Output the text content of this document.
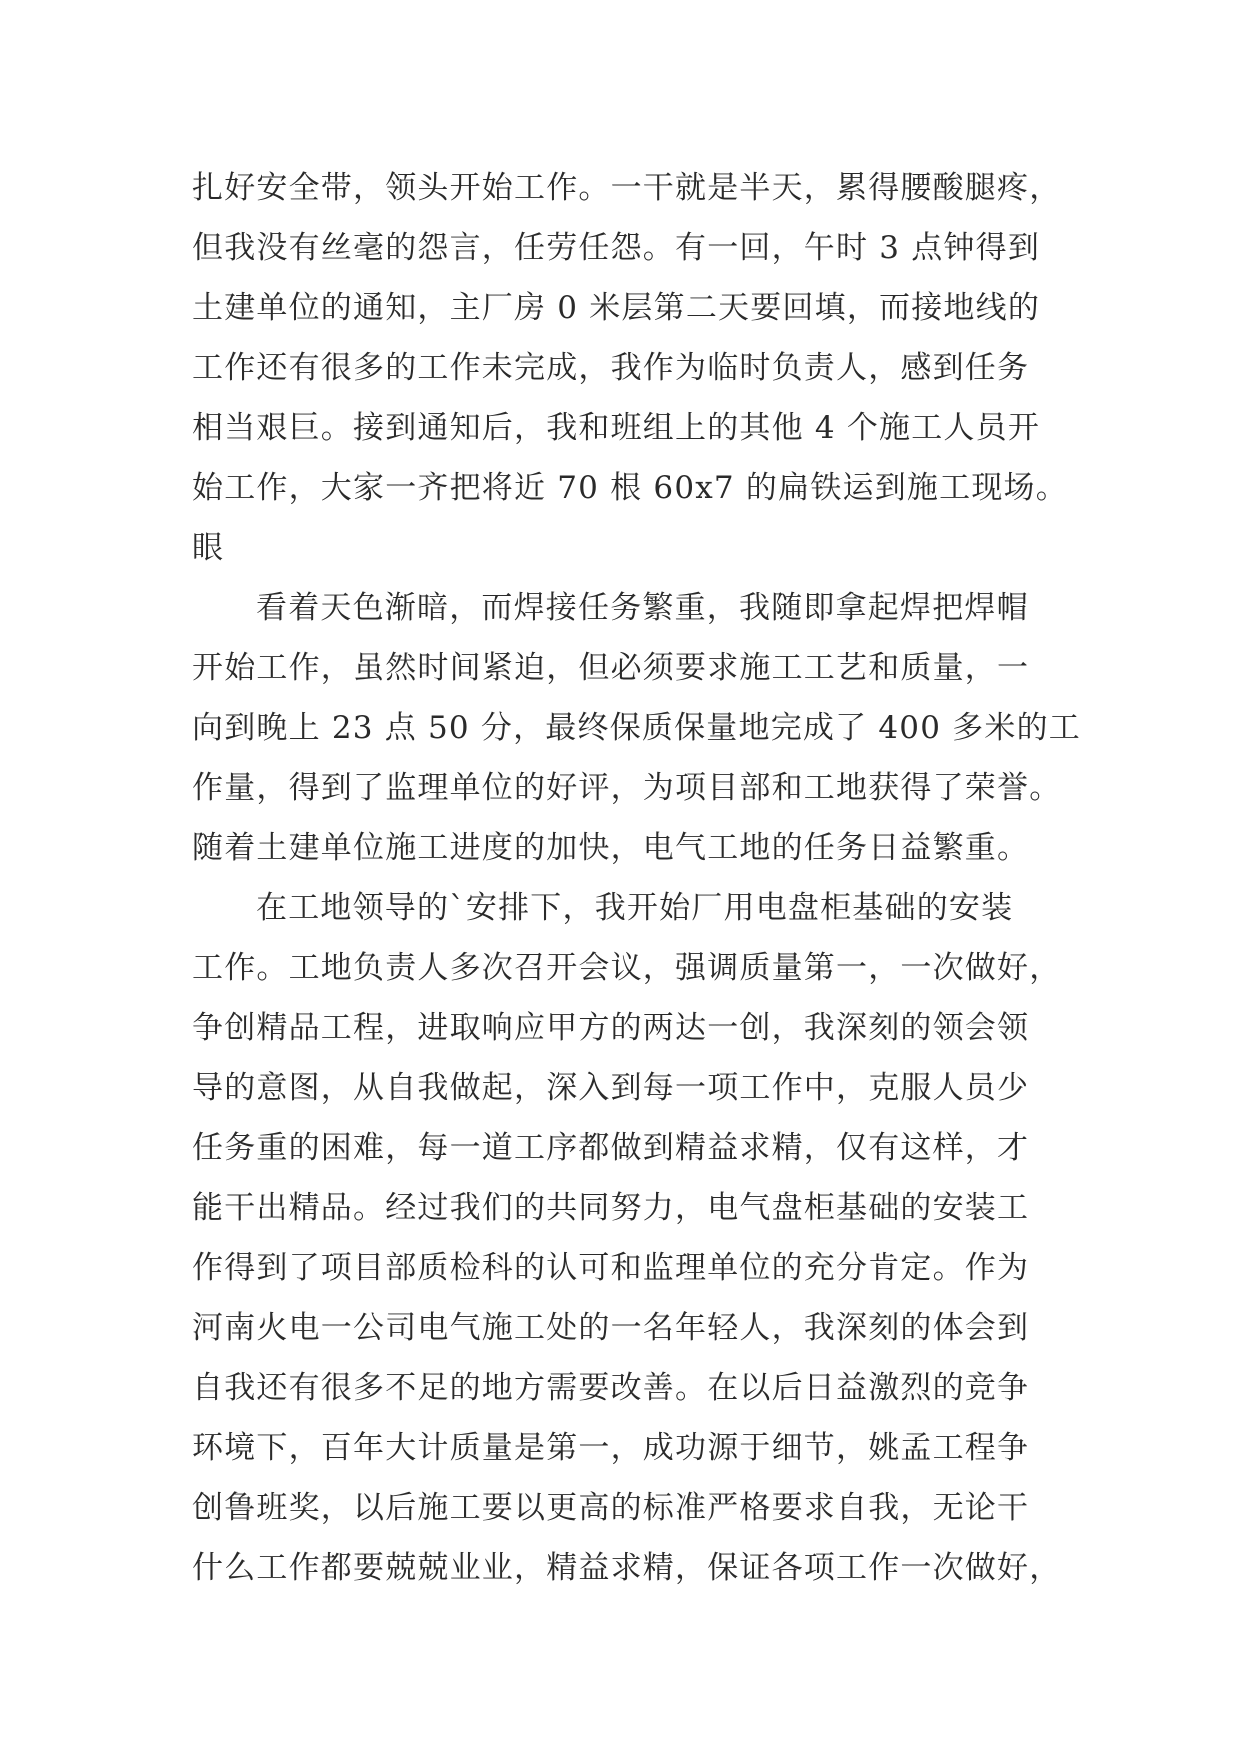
扎好安全带，领头开始工作。一干就是半天，累得腰酸腿疼，
但我没有丝毫的怨言，任劳任怨。有一回，午时 3 点钟得到
土建单位的通知，主厂房 0 米层第二天要回填，而接地线的
工作还有很多的工作未完成，我作为临时负责人，感到任务
相当艰巨。接到通知后，我和班组上的其他 4 个施工人员开
始工作，大家一齐把将近 70 根 60x7 的扁铁运到施工现场。
眼
看着天色渐暗，而焊接任务繁重，我随即拿起焊把焊帽
开始工作，虽然时间紧迫，但必须要求施工工艺和质量，一
向到晚上 23 点 50 分，最终保质保量地完成了 400 多米的工
作量，得到了监理单位的好评，为项目部和工地获得了荣誉。
随着土建单位施工进度的加快，电气工地的任务日益繁重。
在工地领导的`安排下，我开始厂用电盘柜基础的安装
工作。工地负责人多次召开会议，强调质量第一，一次做好，
争创精品工程，进取响应甲方的两达一创，我深刻的领会领
导的意图，从自我做起，深入到每一项工作中，克服人员少
任务重的困难，每一道工序都做到精益求精，仅有这样，才
能干出精品。经过我们的共同努力，电气盘柜基础的安装工
作得到了项目部质检科的认可和监理单位的充分肯定。作为
河南火电一公司电气施工处的一名年轻人，我深刻的体会到
自我还有很多不足的地方需要改善。在以后日益激烈的竞争
环境下，百年大计质量是第一，成功源于细节，姚孟工程争
创鲁班奖，以后施工要以更高的标准严格要求自我，无论干
什么工作都要兢兢业业，精益求精，保证各项工作一次做好，
